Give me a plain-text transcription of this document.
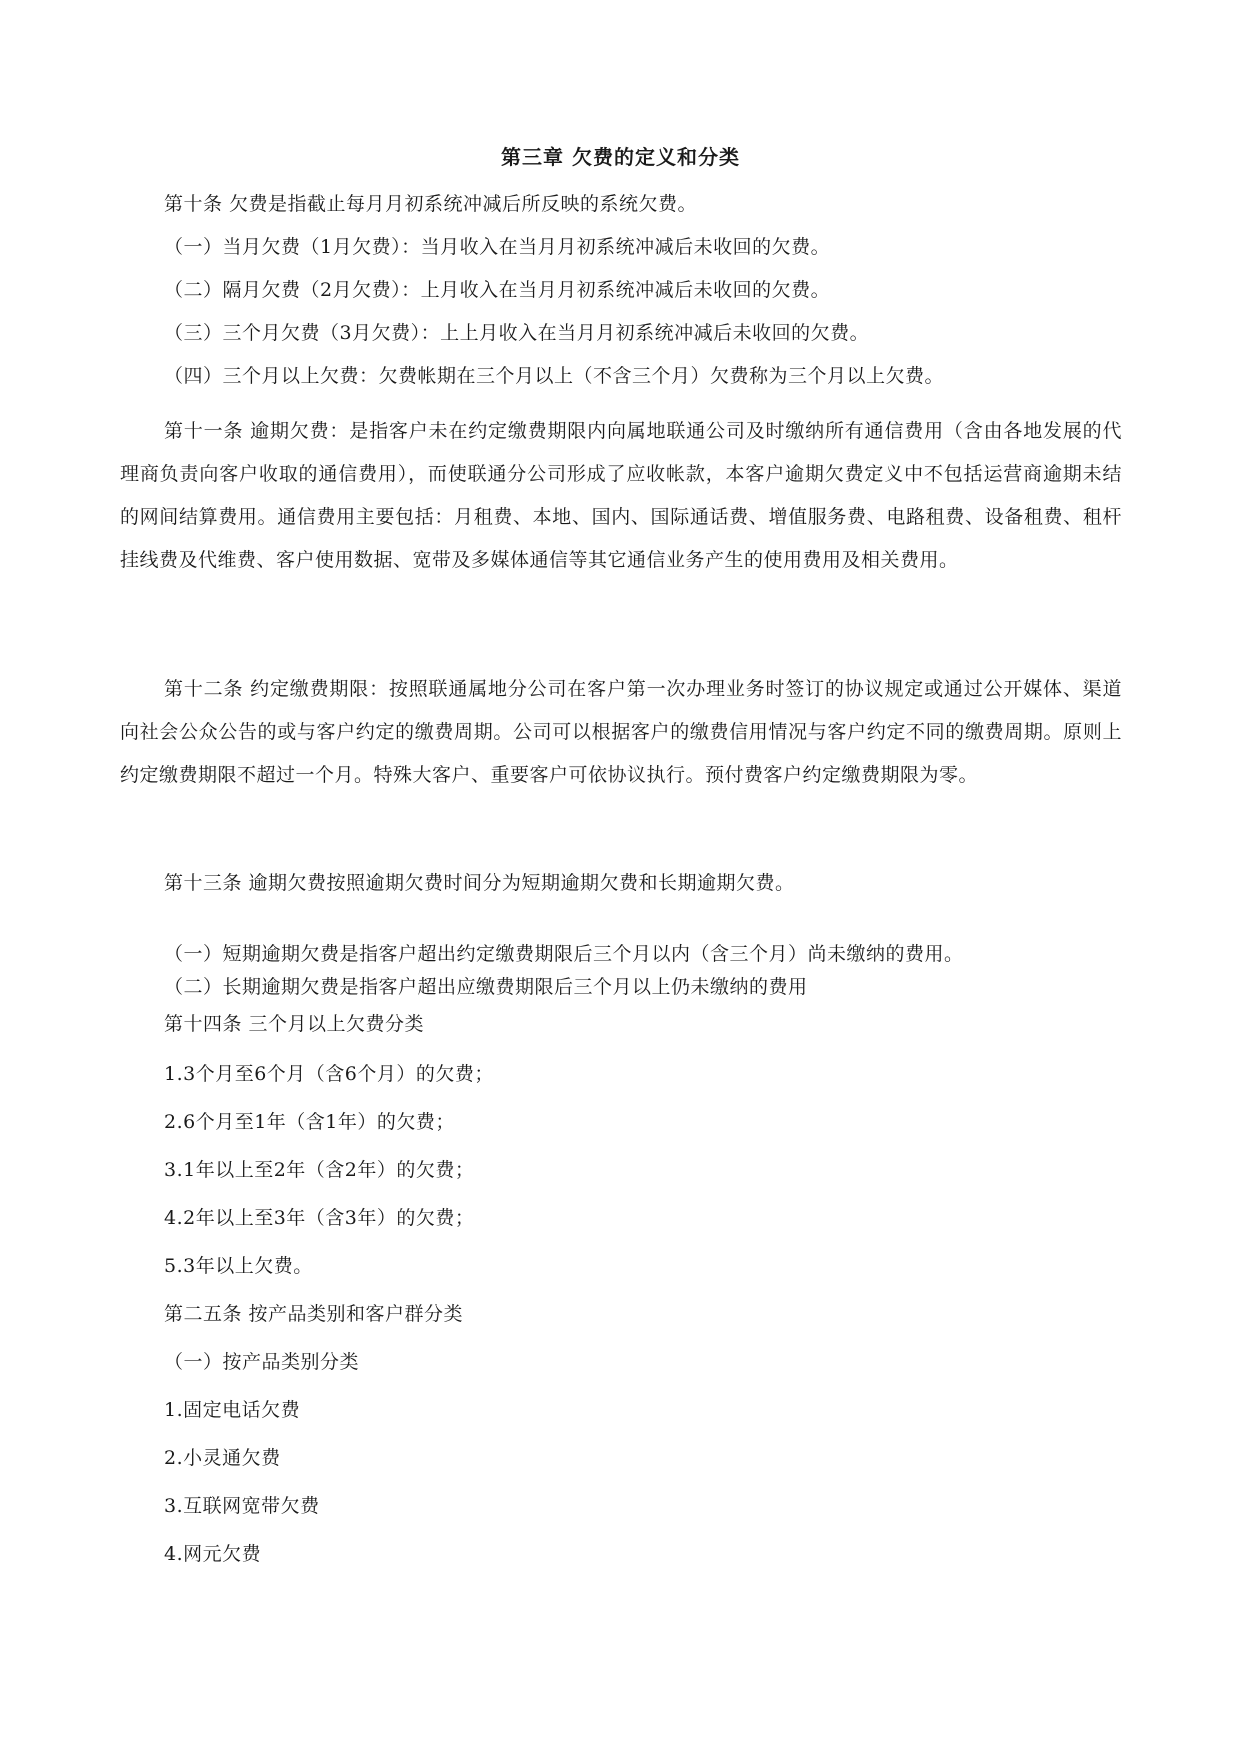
第三章 欠费的定义和分类
第十条 欠费是指截止每月月初系统冲减后所反映的系统欠费。
（一）当月欠费（1月欠费）：当月收入在当月月初系统冲减后未收回的欠费。
（二）隔月欠费（2月欠费）：上月收入在当月月初系统冲减后未收回的欠费。
（三）三个月欠费（3月欠费）：上上月收入在当月月初系统冲减后未收回的欠费。
（四）三个月以上欠费：欠费帐期在三个月以上（不含三个月）欠费称为三个月以上欠费。
第十一条 逾期欠费：是指客户未在约定缴费期限内向属地联通公司及时缴纳所有通信费用（含由各地发展的代理商负责向客户收取的通信费用），而使联通分公司形成了应收帐款，本客户逾期欠费定义中不包括运营商逾期未结的网间结算费用。通信费用主要包括：月租费、本地、国内、国际通话费、增值服务费、电路租费、设备租费、租杆挂线费及代维费、客户使用数据、宽带及多媒体通信等其它通信业务产生的使用费用及相关费用。
第十二条 约定缴费期限：按照联通属地分公司在客户第一次办理业务时签订的协议规定或通过公开媒体、渠道向社会公众公告的或与客户约定的缴费周期。公司可以根据客户的缴费信用情况与客户约定不同的缴费周期。原则上约定缴费期限不超过一个月。特殊大客户、重要客户可依协议执行。预付费客户约定缴费期限为零。
第十三条 逾期欠费按照逾期欠费时间分为短期逾期欠费和长期逾期欠费。
（一）短期逾期欠费是指客户超出约定缴费期限后三个月以内（含三个月）尚未缴纳的费用。
（二）长期逾期欠费是指客户超出应缴费期限后三个月以上仍未缴纳的费用
第十四条 三个月以上欠费分类
1.3个月至6个月（含6个月）的欠费；
2.6个月至1年（含1年）的欠费；
3.1年以上至2年（含2年）的欠费；
4.2年以上至3年（含3年）的欠费；
5.3年以上欠费。
第二五条 按产品类别和客户群分类
（一）按产品类别分类
1.固定电话欠费
2.小灵通欠费
3.互联网宽带欠费
4.网元欠费
